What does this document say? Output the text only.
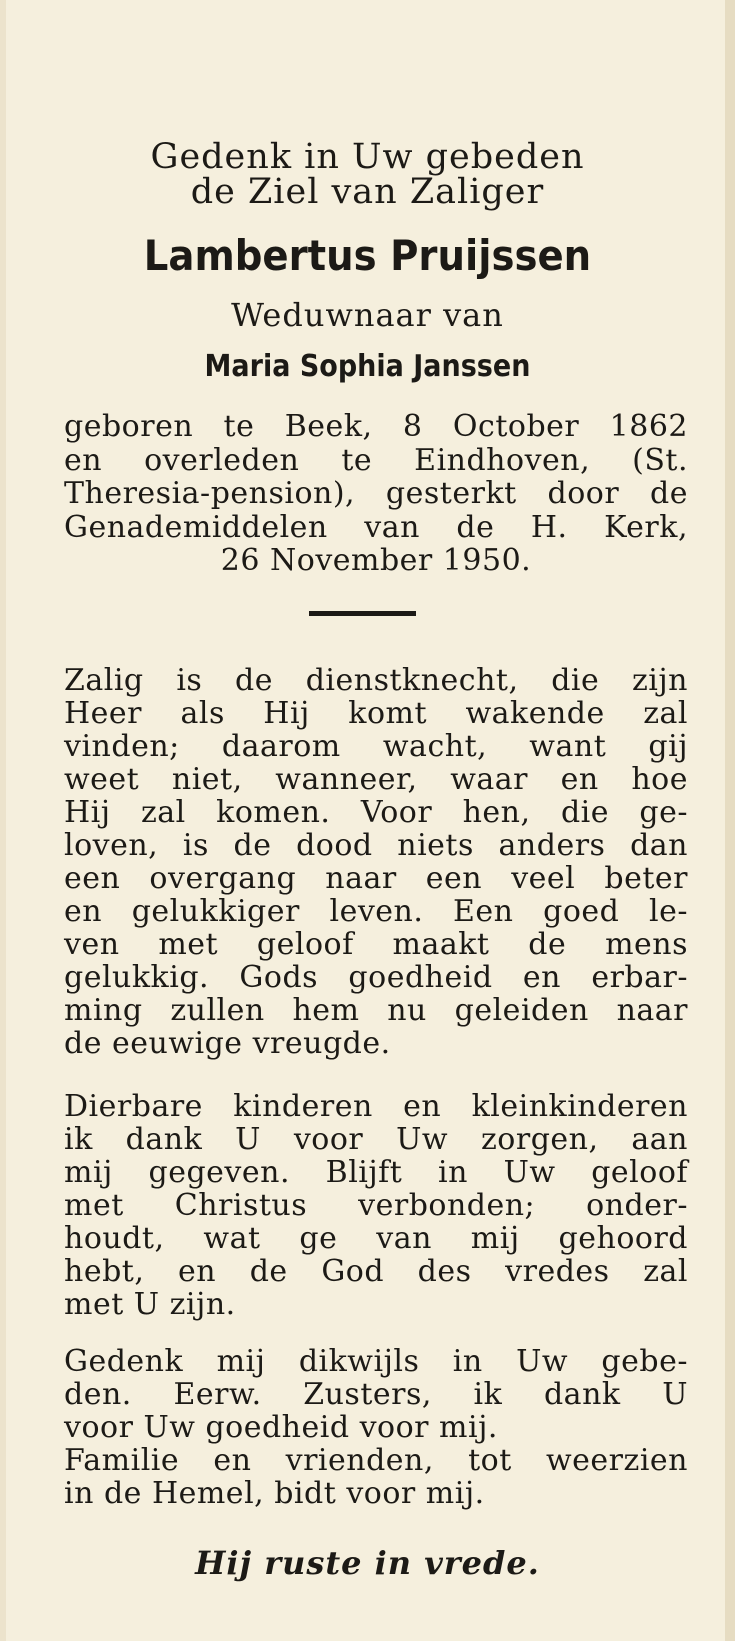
Gedenk in Uw gebeden
de Ziel van Zaliger
Lambertus Pruijssen
Weduwnaar van
Maria Sophia Janssen
geboren te Beek, 8 October 1862
en overleden te Eindhoven, (St.
Theresia-pension), gesterkt door de
Genademiddelen van de H. Kerk,
26 November 1950.
Zalig is de dienstknecht, die zijn
Heer als Hij komt wakende zal
vinden; daarom wacht, want gij
weet niet, wanneer, waar en hoe
Hij zal komen. Voor hen, die ge-
loven, is de dood niets anders dan
een overgang naar een veel beter
en gelukkiger leven. Een goed le-
ven met geloof maakt de mens
gelukkig. Gods goedheid en erbar-
ming zullen hem nu geleiden naar
de eeuwige vreugde.
Dierbare kinderen en kleinkinderen
ik dank U voor Uw zorgen, aan
mij gegeven. Blijft in Uw geloof
met Christus verbonden; onder-
houdt, wat ge van mij gehoord
hebt, en de God des vredes zal
met U zijn.
Gedenk mij dikwijls in Uw gebe-
den. Eerw. Zusters, ik dank U
voor Uw goedheid voor mij.
Familie en vrienden, tot weerzien
in de Hemel, bidt voor mij.
Hij ruste in vrede.
